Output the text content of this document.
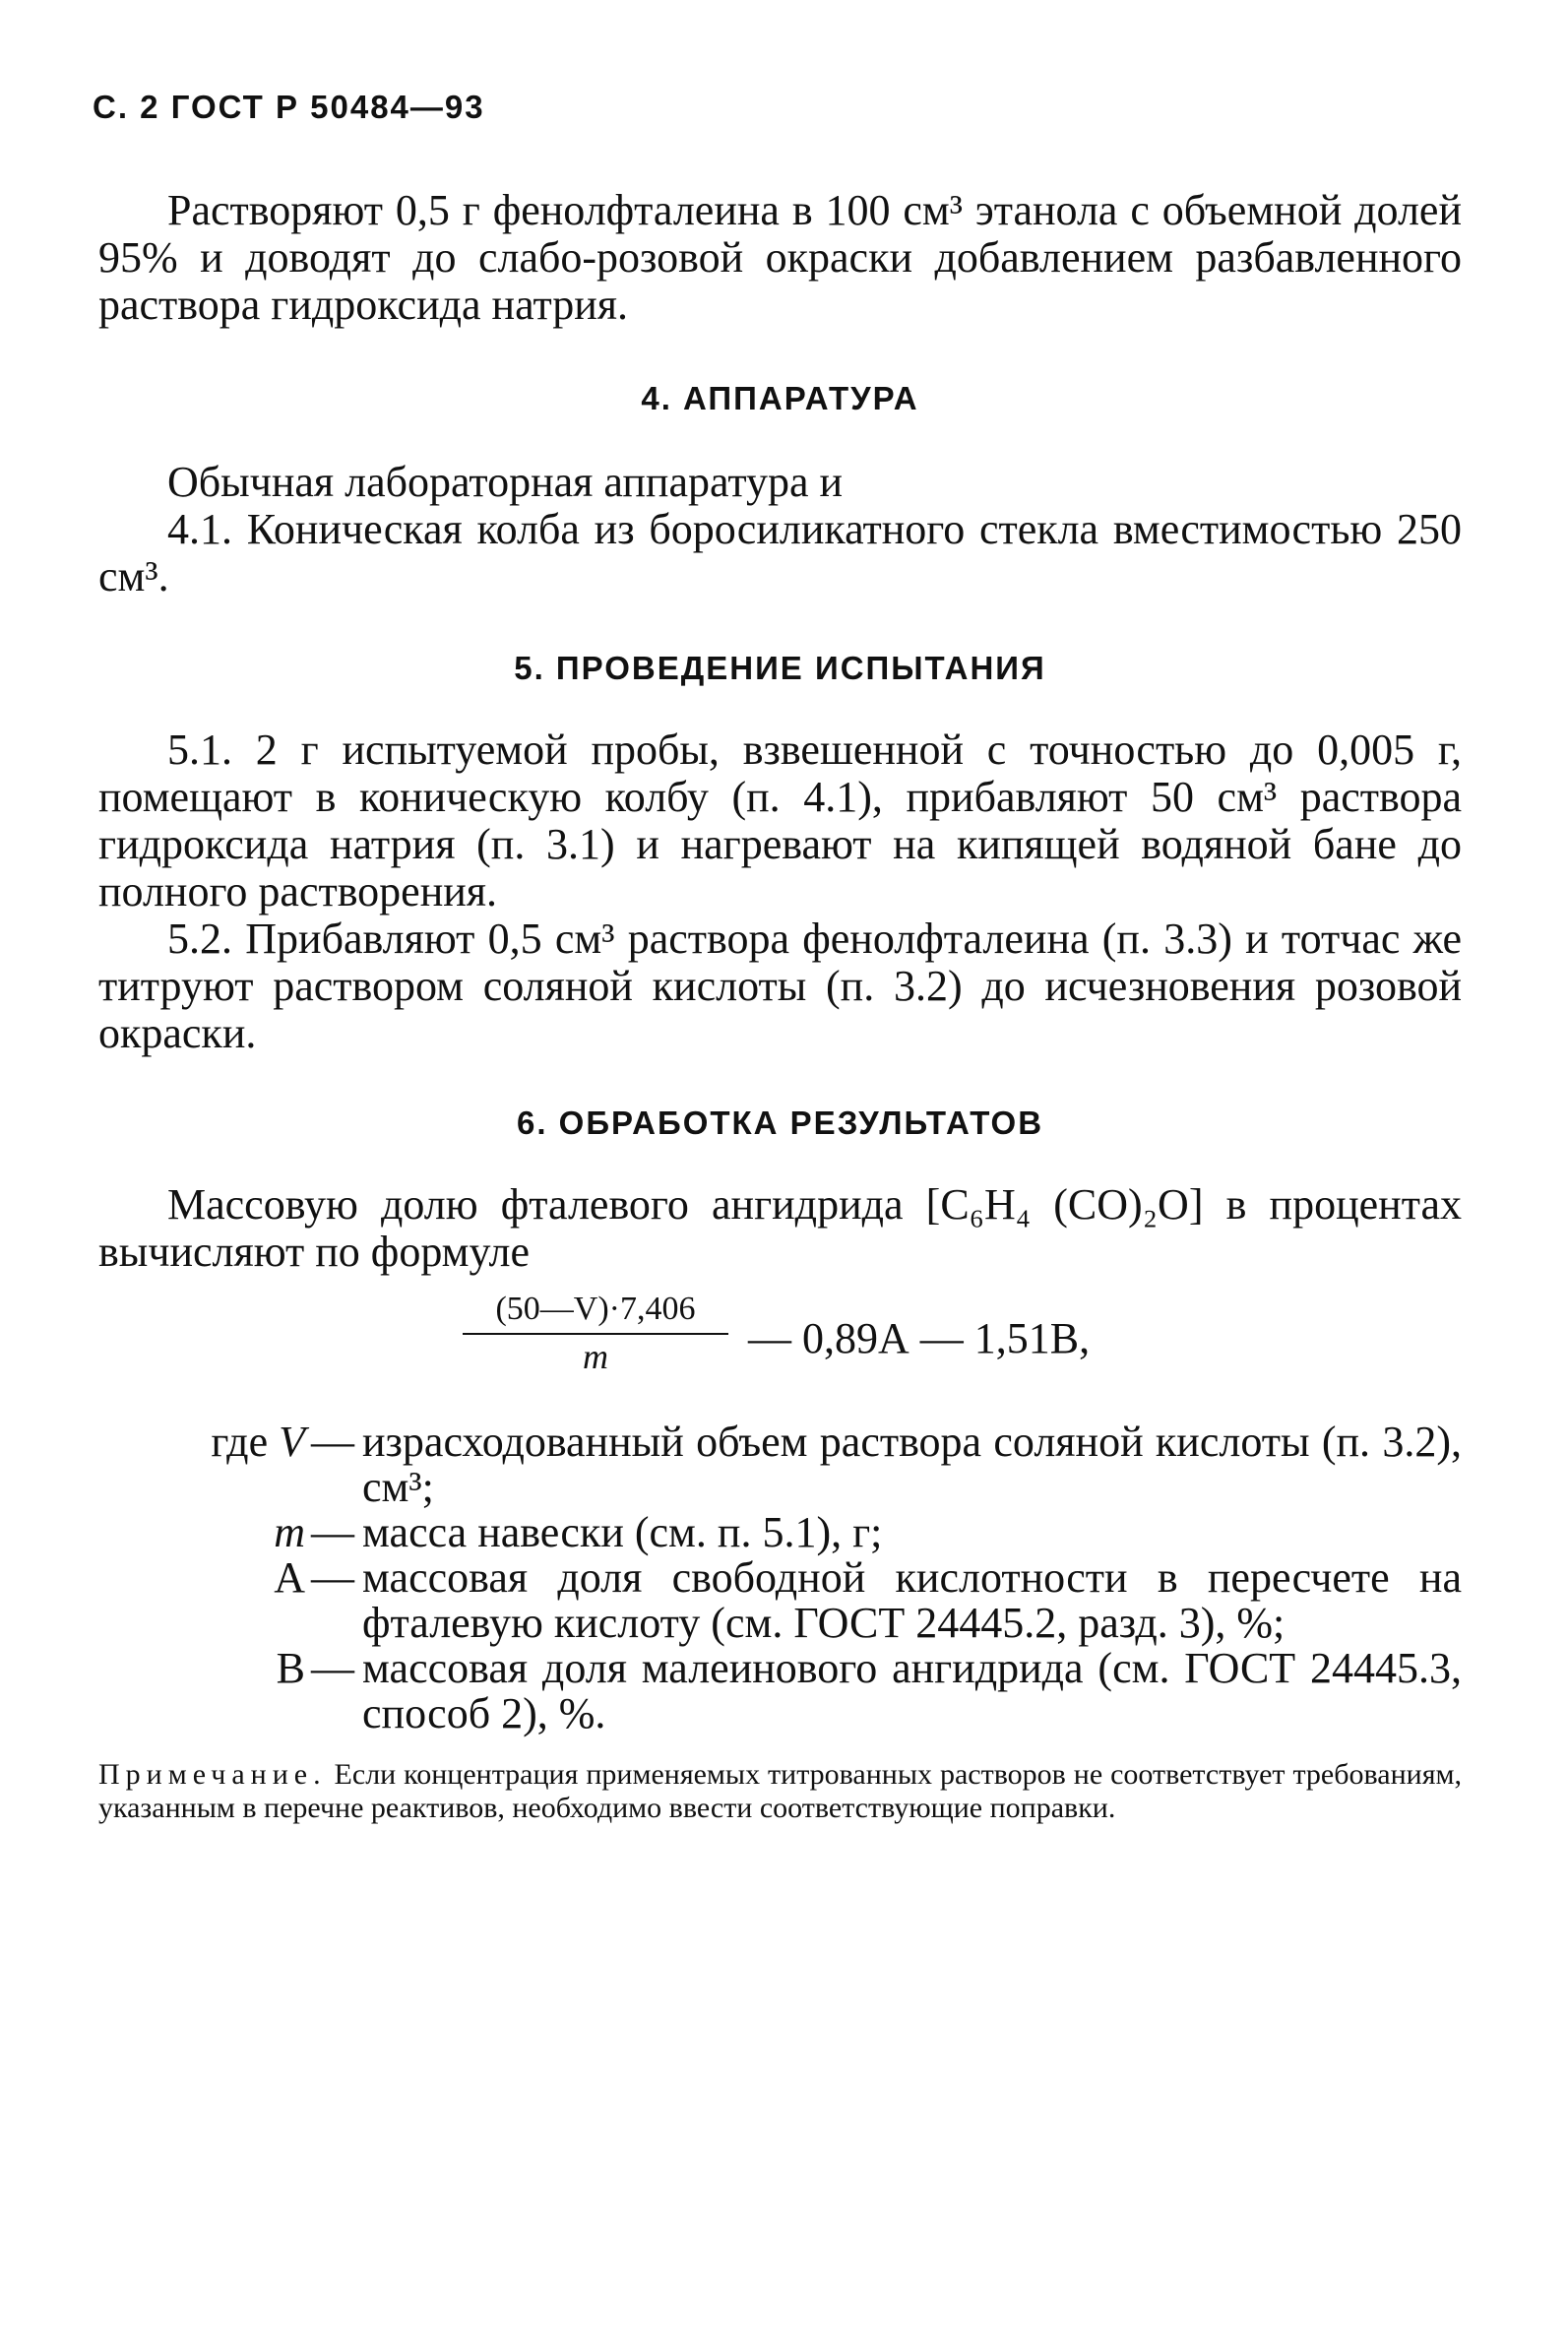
С. 2 ГОСТ Р 50484—93

Растворяют 0,5 г фенолфталеина в 100 см³ этанола с объемной долей 95% и доводят до слабо-розовой окраски добавлением разбавленного раствора гидроксида натрия.

4. АППАРАТУРА

Обычная лабораторная аппаратура и

4.1. Коническая колба из боросиликатного стекла вместимостью 250 см³.

5. ПРОВЕДЕНИЕ ИСПЫТАНИЯ

5.1. 2 г испытуемой пробы, взвешенной с точностью до 0,005 г, помещают в коническую колбу (п. 4.1), прибавляют 50 см³ раствора гидроксида натрия (п. 3.1) и нагревают на кипящей водяной бане до полного растворения.

5.2. Прибавляют 0,5 см³ раствора фенолфталеина (п. 3.3) и тотчас же титруют раствором соляной кислоты (п. 3.2) до исчезновения розовой окраски.

6. ОБРАБОТКА РЕЗУЛЬТАТОВ

Массовую долю фталевого ангидрида [C₆H₄ (CO)₂O] в процентах вычисляют по формуле

$\frac{(50—V)\cdot 7,406}{m}$ — 0,89А — 1,51В,
где V — израсходованный объем раствора соляной кислоты (п. 3.2), см³;
m — масса навески (см. п. 5.1), г;
А — массовая доля свободной кислотности в пересчете на фталевую кислоту (см. ГОСТ 24445.2, разд. 3), %;
В — массовая доля малеинового ангидрида (см. ГОСТ 24445.3, способ 2), %.

Примечание. Если концентрация применяемых титрованных растворов не соответствует требованиям, указанным в перечне реактивов, необходимо ввести соответствующие поправки.
